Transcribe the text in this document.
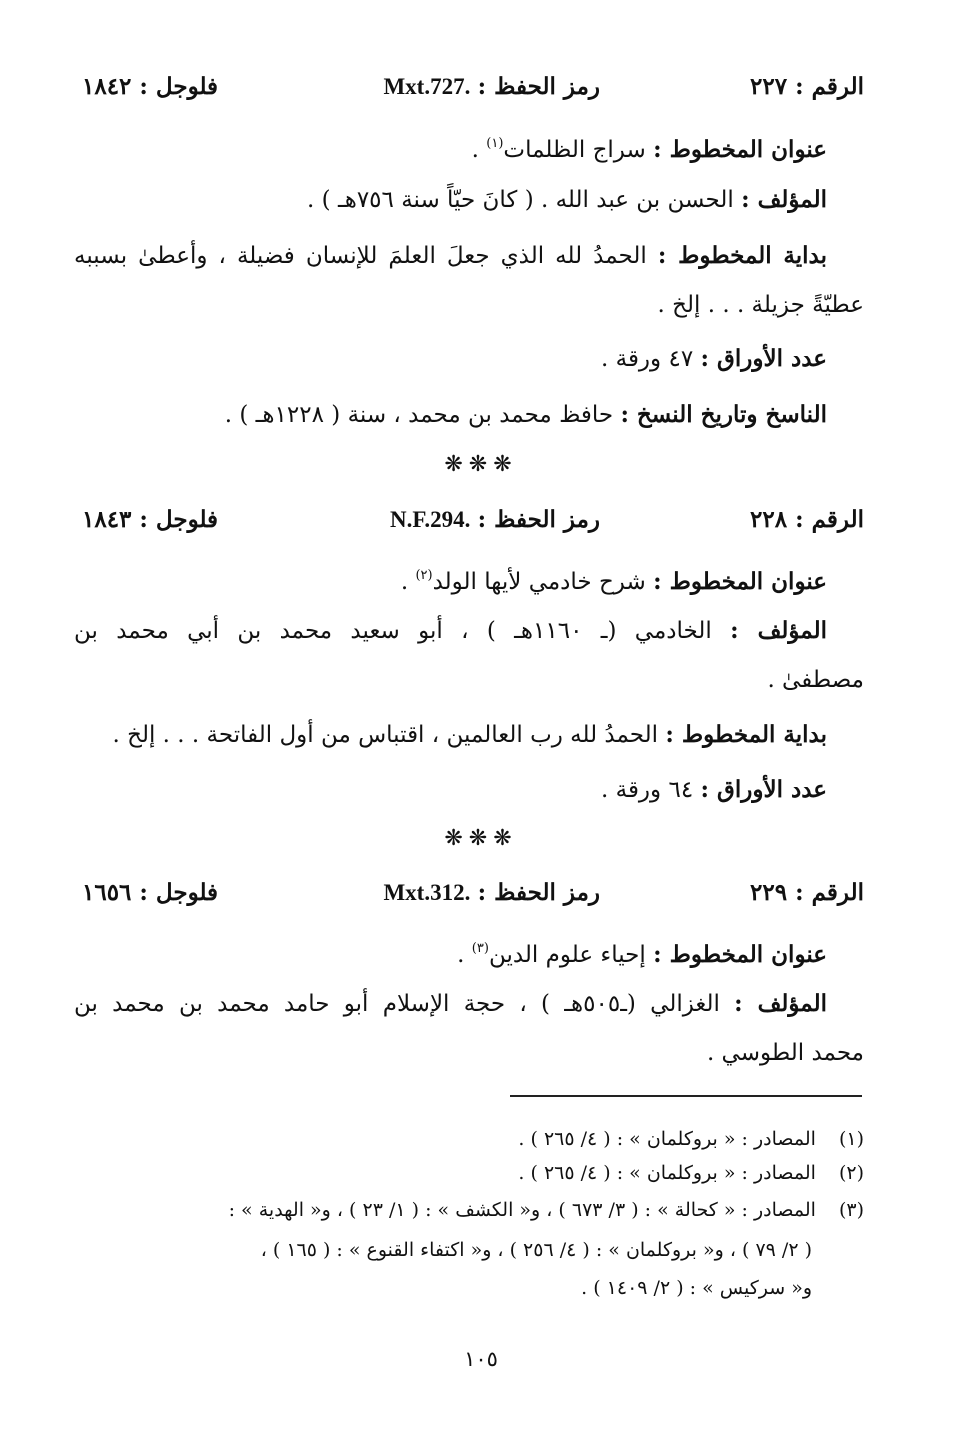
الرقم : ٢٢٧
رمز الحفظ : Mxt.727.
فلوجل : ١٨٤٢
عنوان المخطوط : سراج الظلمات$^{(١)}$ .
المؤلف : الحسن بن عبد الله . ( كانَ حيّاً سنة ٧٥٦هـ ) .
بداية المخطوط : الحمدُ لله الذي جعلَ العلمَ للإنسان فضيلة ، وأعطىٰ بسببه
عطيّةً جزيلة . . . إلخ .
عدد الأوراق : ٤٧ ورقة .
الناسخ وتاريخ النسخ : حافظ محمد بن محمد ، سنة ( ١٢٢٨هـ ) .
❋❋❋
الرقم : ٢٢٨
رمز الحفظ : N.F.294.
فلوجل : ١٨٤٣
عنوان المخطوط : شرح خادمي لأيها الولد$^{(٢)}$ .
المؤلف : الخادمي (ـ ١١٦٠هـ ) ، أبو سعيد محمد بن أبي محمد بن
مصطفىٰ .
بداية المخطوط : الحمدُ لله رب العالمين ، اقتباس من أول الفاتحة . . . إلخ .
عدد الأوراق : ٦٤ ورقة .
❋❋❋
الرقم : ٢٢٩
رمز الحفظ : Mxt.312.
فلوجل : ١٦٥٦
عنوان المخطوط : إحياء علوم الدين$^{(٣)}$ .
المؤلف : الغزالي (ـ٥٠٥هـ ) ، حجة الإسلام أبو حامد محمد بن محمد بن
محمد الطوسي .
(١) المصادر : « بروكلمان » : ( ٤/ ٢٦٥ ) .
(٢) المصادر : « بروكلمان » : ( ٤/ ٢٦٥ ) .
(٣) المصادر : « كحالة » : ( ٣/ ٦٧٣ ) ، و« الكشف » : ( ١/ ٢٣ ) ، و« الهدية » :
( ٢/ ٧٩ ) ، و« بروكلمان » : ( ٤/ ٢٥٦ ) ، و« اكتفاء القنوع » : ( ١٦٥ ) ،
و« سركيس » : ( ٢/ ١٤٠٩ ) .
١٠٥
